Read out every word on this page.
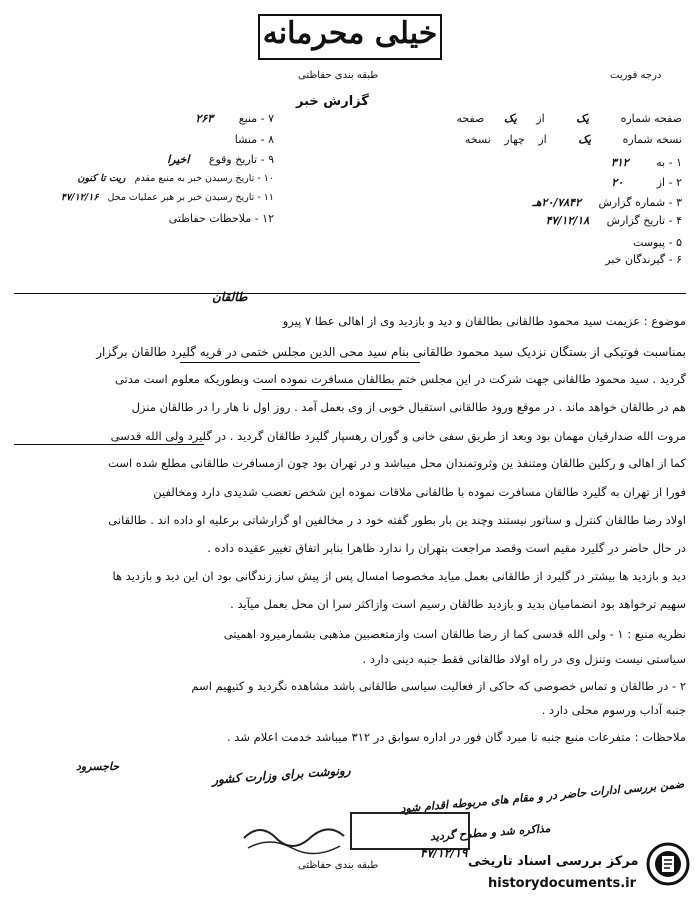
خیلی محرمانه
طبقه بندی حفاظتی	درجه فوریت
گزارش خبر
صفحه شماره یک از یک صفحه
نسخه شماره یک از چهار نسخه
۱ - به ۳۱۲
۲ - از ۲۰
۳ - شماره گزارش ۲۰/۷۸۴۲هـ
۴ - تاریخ گزارش ۴۷/۱۲/۱۸
۵ - پیوست
۶ - گیرندگان خبر
۷ - منبع ۲۶۳
۸ - منشا
۹ - تاریخ وقوع اخیرا
۱۰ - تاریخ رسیدن خبر به منبع مقدم ریت تا کنون
۱۱ - تاریخ رسیدن خبر بر هبر عملیات محل ۴۷/۱۲/۱۶
۱۲ - ملاحظات حفاظتی
طالقان
موضوع : عزیمت سید محمود طالقانی بطالقان و دید و بازدید وی از اهالی عطا ۷ پیرو
بمناسبت فوتیکی از بستگان نزدیک سید محمود طالقانی بنام سید محی الدین مجلس ختمی در قریه گلیرد طالقان برگزار
گردید . سید محمود طالقانی جهت شرکت در این مجلس ختم بطالقان مسافرت نموده است وبطوریکه معلوم است مدتی
هم در طالقان خواهد ماند . در موقع ورود طالقانی استقبال خوبی از وی بعمل آمد . روز اول نا هار را در طالقان منزل
مروت الله صدارقیان مهمان بود وبعد از طریق سفی خانی و گوران رهسپار گلیرد طالقان گردید . در گلیرد ولی الله قدسی
کما از اهالی و رکلین طالقان ومتنفذ ین وثروتمندان محل میباشد و در تهران بود چون ازمسافرت طالقانی مطلع شده است
فورا از تهران به گلیرد طالقان مسافرت نموده با طالقانی ملاقات نموده این شخص تعصب شدیدی دارد ومخالفین
اولاد رضا طالقان کنترل و سناتور نیستند وچند ین بار بطور گفته خود د ر مخالفین او گزارشاتی برعلیه او داده اند . طالقانی
در حال حاضر در گلیرد مقیم است وقصد مراجعت بتهران را ندارد ظاهرا بنابر اتفاق تغییر عقیده داده .
دید و بازدید ها بیشتر در گلیرد از طالقانی بعمل میاید مخصوصا امسال پس از پیش ساز زندگانی بود ان این دید و بازدید ها
سهیم ترخواهد بود انضمامیان بدید و بازدید طالقان رسیم است وازاکثر سرا ان محل بعمل میآید .
نظریه منبع : ۱ - ولی الله قدسی کما از رضا طالقان است وازمتعصبین مذهبی بشمارمیرود اهمیتی
سیاستی نیست وتنزل وی در راه اولاد طالقانی فقط جنبه دینی دارد .
۲ - در طالقان و تماس خصوصی که حاکی از فعالیت سیاسی طالقانی باشد مشاهده نگردید و کتیهیم اسم
جنبه آداب ورسوم محلی دارد .
ملاحظات : متفرعات منبع جنبه تا مبرد گان فور در اداره سوابق در ۳۱۲ میباشد خدمت اعلام شد .
حاجسرود	رونوشت برای وزارت کشور
ضمن بررسی ادارات حاضر در و مقام های مربوطه اقدام شود
مذاکره شد و مطرح گردید
۴۷/۱۲/۱۹
طبقه بندی حفاظتی	مرکز بررسی اسناد تاریخی
historydocuments.ir
